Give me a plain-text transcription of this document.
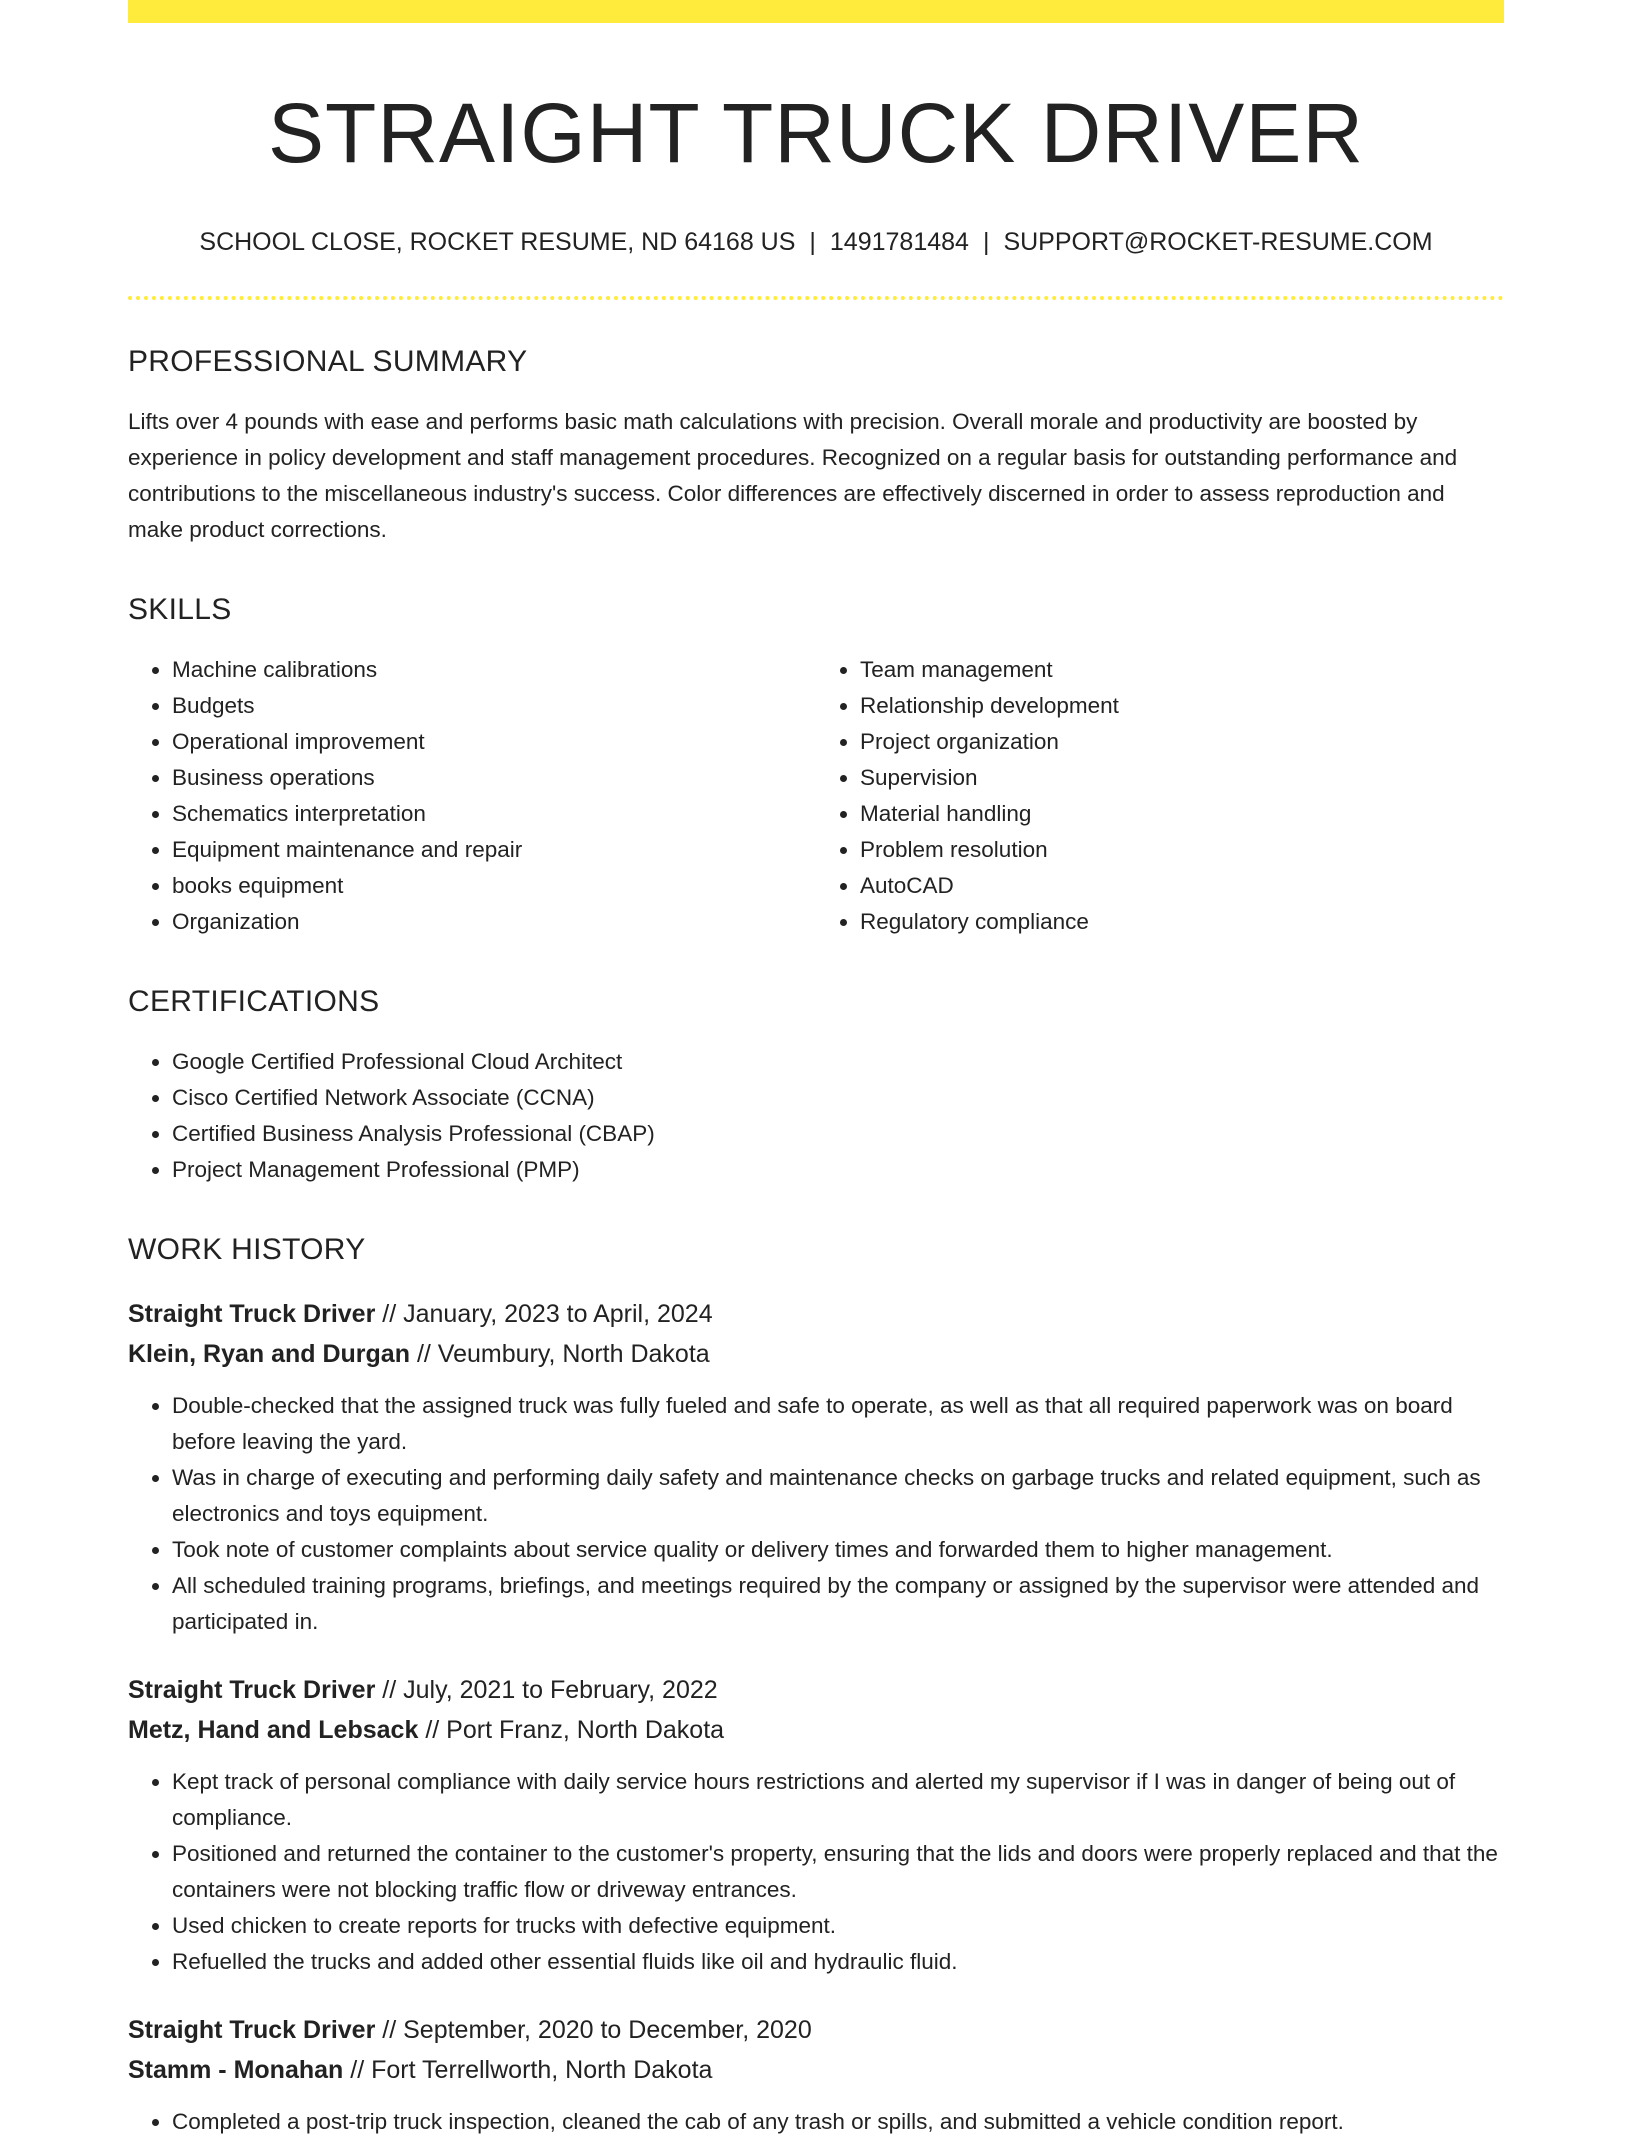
STRAIGHT TRUCK DRIVER
SCHOOL CLOSE, ROCKET RESUME, ND 64168 US | 1491781484 | SUPPORT@ROCKET-RESUME.COM
PROFESSIONAL SUMMARY

Lifts over 4 pounds with ease and performs basic math calculations with precision. Overall morale and productivity are boosted by experience in policy development and staff management procedures. Recognized on a regular basis for outstanding performance and contributions to the miscellaneous industry's success. Color differences are effectively discerned in order to assess reproduction and make product corrections.

SKILLS
• Machine calibrations
• Budgets
• Operational improvement
• Business operations
• Schematics interpretation
• Equipment maintenance and repair
• books equipment
• Organization
• Team management
• Relationship development
• Project organization
• Supervision
• Material handling
• Problem resolution
• AutoCAD
• Regulatory compliance
CERTIFICATIONS
• Google Certified Professional Cloud Architect
• Cisco Certified Network Associate (CCNA)
• Certified Business Analysis Professional (CBAP)
• Project Management Professional (PMP)
WORK HISTORY
Straight Truck Driver // January, 2023 to April, 2024
Klein, Ryan and Durgan // Veumbury, North Dakota
• Double-checked that the assigned truck was fully fueled and safe to operate, as well as that all required paperwork was on board before leaving the yard.
• Was in charge of executing and performing daily safety and maintenance checks on garbage trucks and related equipment, such as electronics and toys equipment.
• Took note of customer complaints about service quality or delivery times and forwarded them to higher management.
• All scheduled training programs, briefings, and meetings required by the company or assigned by the supervisor were attended and participated in.
Straight Truck Driver // July, 2021 to February, 2022
Metz, Hand and Lebsack // Port Franz, North Dakota
• Kept track of personal compliance with daily service hours restrictions and alerted my supervisor if I was in danger of being out of compliance.
• Positioned and returned the container to the customer's property, ensuring that the lids and doors were properly replaced and that the containers were not blocking traffic flow or driveway entrances.
• Used chicken to create reports for trucks with defective equipment.
• Refuelled the trucks and added other essential fluids like oil and hydraulic fluid.
Straight Truck Driver // September, 2020 to December, 2020
Stamm - Monahan // Fort Terrellworth, North Dakota
• Completed a post-trip truck inspection, cleaned the cab of any trash or spills, and submitted a vehicle condition report.
